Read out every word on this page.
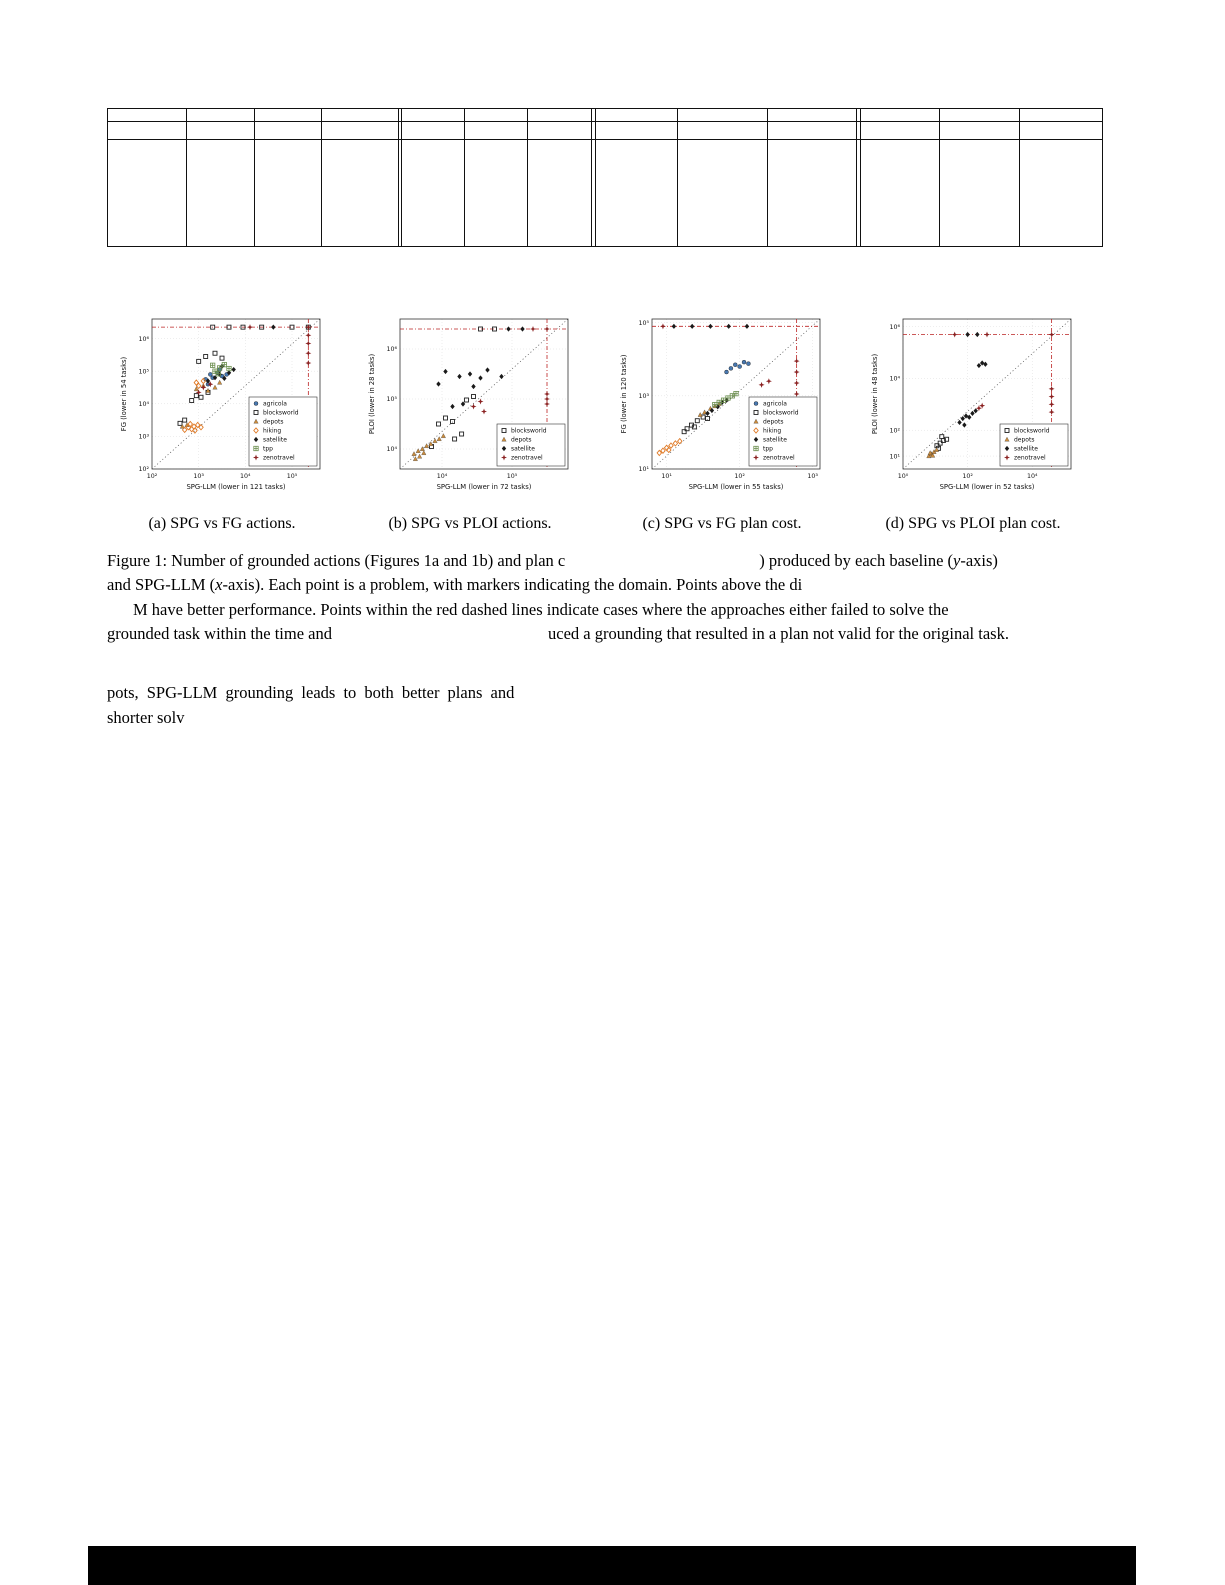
10²	10³	10⁴	10⁵
10²
10³
10⁴
10⁵
10⁶
SPG-LLM (lower in 121 tasks)
FG (lower in 54 tasks)	agricola
blocksworld
depots
hiking
satellite
tpp
zenotravel
(a) SPG vs FG actions.
10⁴	10⁵
10⁴
10⁵
10⁶
SPG-LLM (lower in 72 tasks)
PLOI (lower in 28 tasks)	blocksworld
depots
satellite
zenotravel
(b) SPG vs PLOI actions.
10¹	10²	10³
10¹
10³
10⁵
SPG-LLM (lower in 55 tasks)
FG (lower in 120 tasks)	agricola
blocksworld
depots
hiking
satellite
tpp
zenotravel
(c) SPG vs FG plan cost.
10⁰	10²	10⁴
10¹
10²
10⁴
10⁶
SPG-LLM (lower in 52 tasks)
PLOI (lower in 48 tasks)	blocksworld
depots
satellite
zenotravel
(d) SPG vs PLOI plan cost.
Figure 1: Number of grounded actions (Figures 1a and 1b) and plan c	) produced by each baseline (y-axis)
and SPG-LLM (x-axis). Each point is a problem, with markers indicating the domain. Points above the di
M have better performance. Points within the red dashed lines indicate cases where the approaches either failed to solve the
grounded task within the time and	uced a grounding that resulted in a plan not valid for the original task.
pots, SPG-LLM grounding leads to both better plans and
shorter solv
